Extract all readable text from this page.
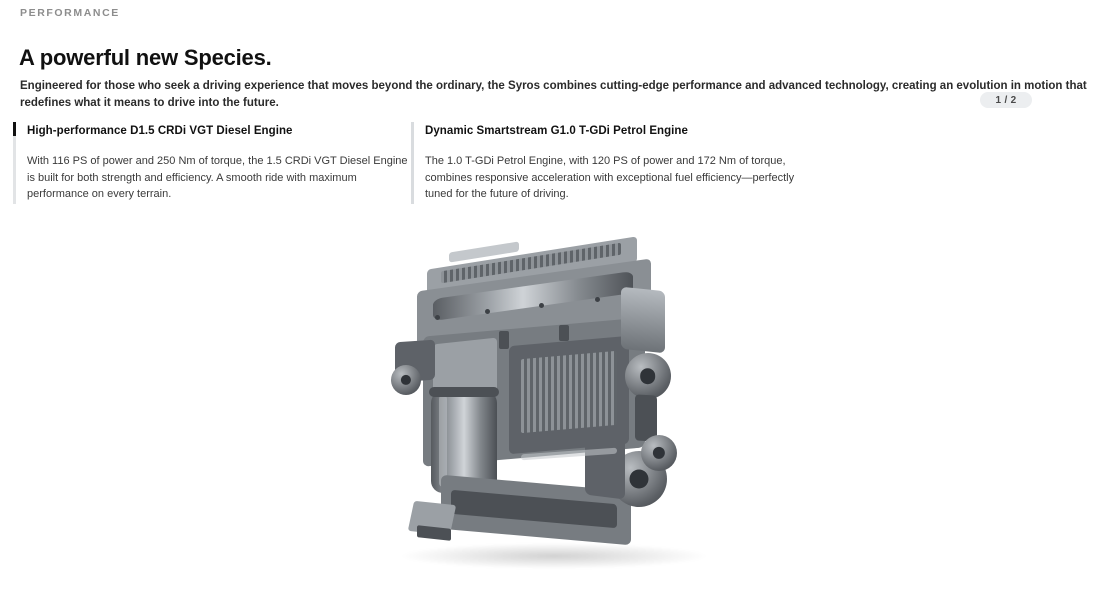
PERFORMANCE
A powerful new Species.

Engineered for those who seek a driving experience that moves beyond the ordinary, the Syros combines cutting-edge performance and advanced technology, creating an evolution in motion that redefines what it means to drive into the future.	1 / 2
High-performance D1.5 CRDi VGT Diesel Engine
With 116 PS of power and 250 Nm of torque, the 1.5 CRDi VGT Diesel Engine is built for both strength and efficiency. A smooth ride with maximum performance on every terrain.
Dynamic Smartstream G1.0 T-GDi Petrol Engine
The 1.0 T-GDi Petrol Engine, with 120 PS of power and 172 Nm of torque, combines responsive acceleration with exceptional fuel efficiency—perfectly tuned for the future of driving.
